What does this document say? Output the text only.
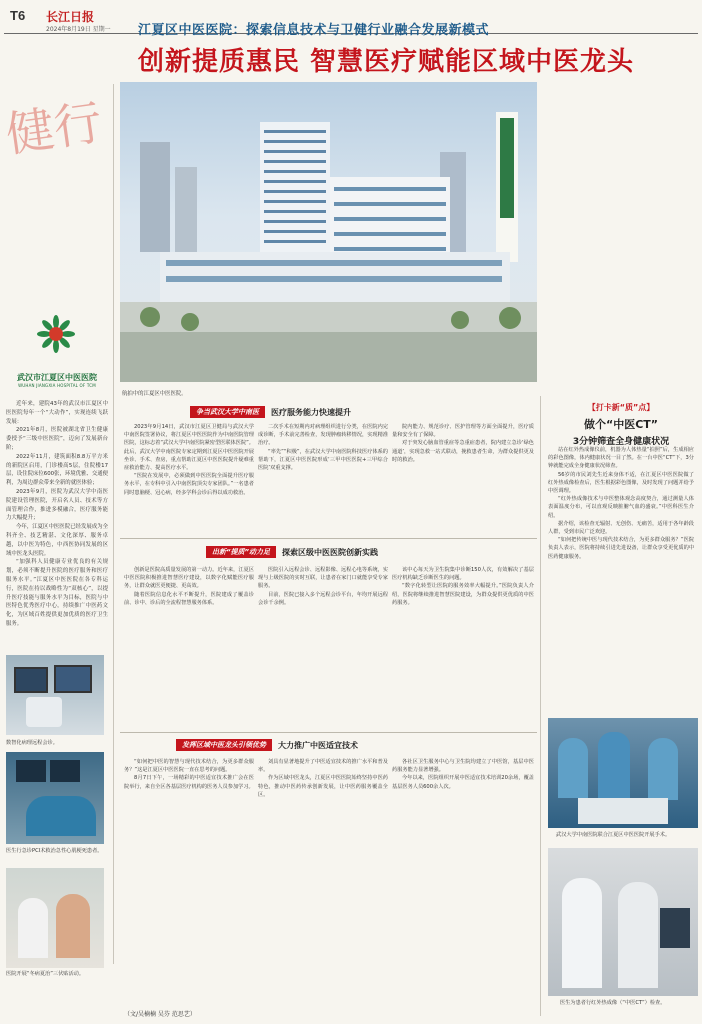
T6 长江日报
2024年8月19日 星期一 江夏区中医医院：探索信息技术与卫健行业融合发展新模式
创新提质惠民 智慧医疗赋能区域中医龙头
健行
武汉市江夏区中医医院
WUHAN JIANGXIA HOSPITAL OF TCM

近年来，建院43年的武汉市江夏区中医医院每年一个“大动作”，实现连续飞跃发展：

2021年8月，医院被湖北省卫生健康委授予“三级中医医院”，迈向了发展新台阶；

2022年11月，建筑面积8.8万平方米的新院区启用，门诊楼高5层，住院楼17层，设住院床位600张，环境优雅、交通便利，为周边群众带来全新的就医体验；

2023年9月，医院为武汉大学中南医院建设管理医院，开启名人员、技术等方面管理合作，推进多模融合，医疗服务能力大幅提升；

今年，江夏区中医医院已经发展成为全科齐全、技艺精湛、文化深厚、服务卓越，以中医为特色，中西医协同发展的区域中医龙头医院。

“加强科人员健康专业优良的有关规划，必须不断提升医院的医疗服务和医疗服务水平。”江夏区中医医院在各专科运行，医院在持以战略性为“双核心”，以提升医疗技能与服务水平为目标，医院与中医特色优秀医疗中心，持续推广中医药文化，为区域百姓提供更加优质的医疗卫生服务。

数智化病理远程会诊。
医生行急诊PCI术救治急性心肌梗死患者。
医院开展“冬病夏治”三伏贴活动。
航拍中的江夏区中医医院。
争当武汉大学中南医	医疗服务能力快速提升

2023年9月14日，武汉市江夏区卫健局与武汉大学中南医院签署协议，将江夏区中医医院作为中南医院管理医院，这标志着“武汉大学中南医院紧密型医联体医院”。此后，武汉大学中南医院专家定期到江夏区中医医院开展坐诊、手术、查房，重点帮助江夏区中医医院提升疑难重症救治能力、提高医疗水平。

“医院在发展中，必须做到中医医院全面提升医疗服务水平，在专科中引入中南医院顶尖专家团队。”一名患者同时患脑梗、冠心病，经多学科会诊后得以成功救治。

二次手术在短期内对病理组织进行分类，在医院内完成诊断，手术前完善检查，发现肿瘤转移情况，实现精准治疗。

“率先”“积极”，在武汉大学中南医院科技医疗体系的帮助下，江夏区中医医院形成‘三甲中医医院+三甲综合医院’双重支撑。

院内能力、规范诊疗、医护管理等方面全面提升，医疗质量和安全有了保障。

对于突发心脑血管重症等急重症患者，院内建立急诊‘绿色通道’，实现急救一站式联动，挽救患者生命，为群众提供更及时的救治。

出新“提质”动力足	探索区级中医医院创新实践

创新是医院高质量发展的第一动力。近年来，江夏区中医医院积极推进智慧医疗建设，以数字化赋能医疗服务，让群众就医更便捷、更高效。

随着医院信息化水平不断提升，医院建成了覆盖诊前、诊中、诊后的全流程智慧服务体系。

医院引入远程会诊、远程影像、远程心电等系统，实现与上级医院的实时互联，让患者在家门口就能享受专家服务。

目前，医院已接入多个远程会诊平台，年均开展远程会诊千余例。

该中心每天为卫生院集中诊断150人次，有效解决了基层医疗机构缺乏诊断医生的问题。

“数字化转型让医院的服务效率大幅提升。”医院负责人介绍，医院将继续推进智慧医院建设，为群众提供更优质的中医药服务。

发挥区域中医龙头引领优势	大力推广中医适宜技术

“如何把中医的智慧与现代技术结合，为更多群众服务？”这是江夏区中医医院一直在思考的问题。

8月7日下午，一场精彩的中医适宜技术推广会在医院举行，来自全区各基层医疗机构的医务人员参加学习。

刘具有显著地提升了中医适宜技术的推广水平和普及率。

作为区域中医龙头，江夏区中医医院始终坚持中医药特色，推动中医药传承创新发展，让中医药服务覆盖全区。

各社区卫生服务中心与卫生院均建立了中医馆，基层中医药服务能力显著增强。

今年以来，医院组织开展中医适宜技术培训20余场，覆盖基层医务人员600余人次。

（文/吴楠楠 吴芬 范思艺）
【打卡新“质”点】
做个“中医CT”
3分钟筛查全身健康状况

站在红外热成像仪前，机器为人体热量“拍照”后，生成相应的彩色图像，体内健康状况一目了然。在一台中医“CT”下，3分钟就能完成全身健康状况筛查。

56岁的市民刘先生近来身体不适，在江夏区中医医院做了红外热成像检查后，医生根据彩色图像，及时发现了问题并给予中医调理。

“红外热成像技术与中医整体观念高度契合，通过测量人体表面温度分布，可以直观反映脏腑气血的盛衰。”中医科医生介绍。

据介绍，该检查无辐射、无创伤、无痛苦，适用于各年龄段人群，受到市民广泛欢迎。

“如何把传统中医与现代技术结合，为更多群众服务？”医院负责人表示，医院将持续引进先进设备，让群众享受更优质的中医药健康服务。

武汉大学中南医院联合江夏区中医医院开展手术。
医生为患者行红外热成像（“中医CT”）检查。
